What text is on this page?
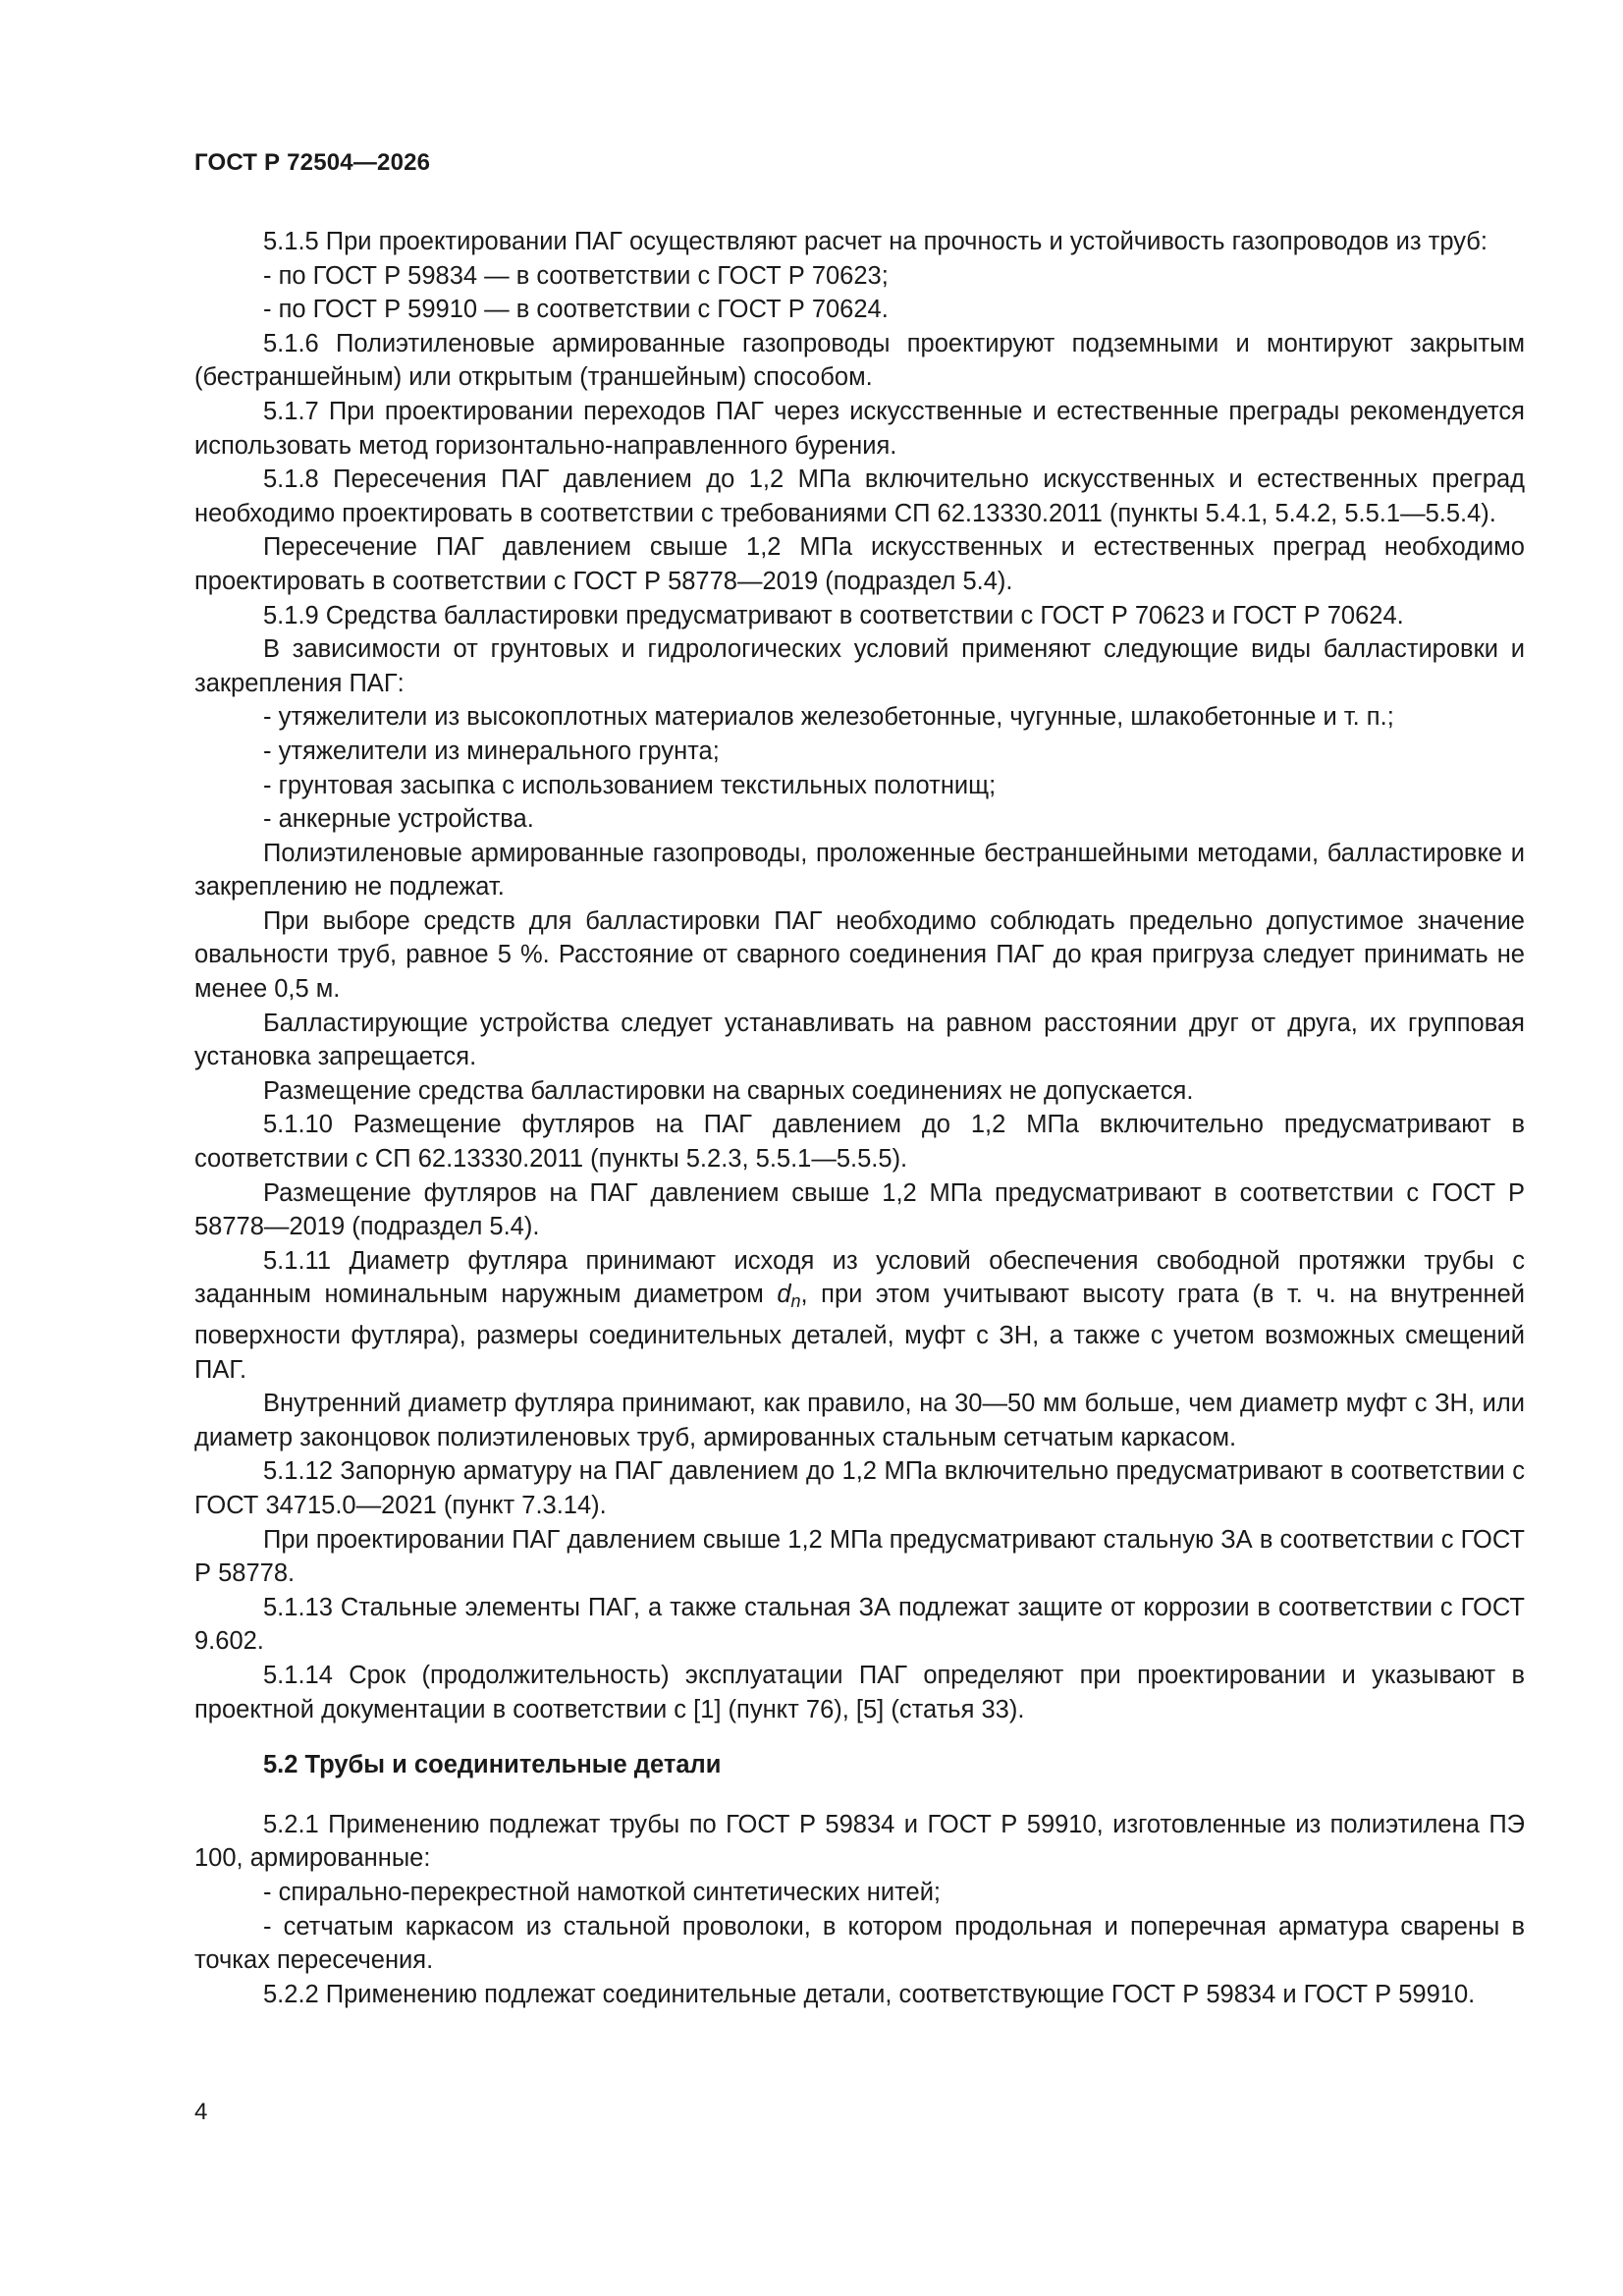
ГОСТ Р 72504—2026

5.1.5 При проектировании ПАГ осуществляют расчет на прочность и устойчивость газопроводов из труб:

- по ГОСТ Р 59834 — в соответствии с ГОСТ Р 70623;

- по ГОСТ Р 59910 — в соответствии с ГОСТ Р 70624.

5.1.6 Полиэтиленовые армированные газопроводы проектируют подземными и монтируют закрытым (бестраншейным) или открытым (траншейным) способом.

5.1.7 При проектировании переходов ПАГ через искусственные и естественные преграды рекомендуется использовать метод горизонтально-направленного бурения.

5.1.8 Пересечения ПАГ давлением до 1,2 МПа включительно искусственных и естественных преград необходимо проектировать в соответствии с требованиями СП 62.13330.2011 (пункты 5.4.1, 5.4.2, 5.5.1—5.5.4).

Пересечение ПАГ давлением свыше 1,2 МПа искусственных и естественных преград необходимо проектировать в соответствии с ГОСТ Р 58778—2019 (подраздел 5.4).

5.1.9 Средства балластировки предусматривают в соответствии с ГОСТ Р 70623 и ГОСТ Р 70624.

В зависимости от грунтовых и гидрологических условий применяют следующие виды балластировки и закрепления ПАГ:

- утяжелители из высокоплотных материалов железобетонные, чугунные, шлакобетонные и т. п.;

- утяжелители из минерального грунта;

- грунтовая засыпка с использованием текстильных полотнищ;

- анкерные устройства.

Полиэтиленовые армированные газопроводы, проложенные бестраншейными методами, балластировке и закреплению не подлежат.

При выборе средств для балластировки ПАГ необходимо соблюдать предельно допустимое значение овальности труб, равное 5 %. Расстояние от сварного соединения ПАГ до края пригруза следует принимать не менее 0,5 м.

Балластирующие устройства следует устанавливать на равном расстоянии друг от друга, их групповая установка запрещается.

Размещение средства балластировки на сварных соединениях не допускается.

5.1.10 Размещение футляров на ПАГ давлением до 1,2 МПа включительно предусматривают в соответствии с СП 62.13330.2011 (пункты 5.2.3, 5.5.1—5.5.5).

Размещение футляров на ПАГ давлением свыше 1,2 МПа предусматривают в соответствии с ГОСТ Р 58778—2019 (подраздел 5.4).

5.1.11 Диаметр футляра принимают исходя из условий обеспечения свободной протяжки трубы с заданным номинальным наружным диаметром $d_n$, при этом учитывают высоту грата (в т. ч. на внутренней поверхности футляра), размеры соединительных деталей, муфт с ЗН, а также с учетом возможных смещений ПАГ.

Внутренний диаметр футляра принимают, как правило, на 30—50 мм больше, чем диаметр муфт с ЗН, или диаметр законцовок полиэтиленовых труб, армированных стальным сетчатым каркасом.

5.1.12 Запорную арматуру на ПАГ давлением до 1,2 МПа включительно предусматривают в соответствии с ГОСТ 34715.0—2021 (пункт 7.3.14).

При проектировании ПАГ давлением свыше 1,2 МПа предусматривают стальную ЗА в соответствии с ГОСТ Р 58778.

5.1.13 Стальные элементы ПАГ, а также стальная ЗА подлежат защите от коррозии в соответствии с ГОСТ 9.602.

5.1.14 Срок (продолжительность) эксплуатации ПАГ определяют при проектировании и указывают в проектной документации в соответствии с [1] (пункт 76), [5] (статья 33).

5.2 Трубы и соединительные детали

5.2.1 Применению подлежат трубы по ГОСТ Р 59834 и ГОСТ Р 59910, изготовленные из полиэтилена ПЭ 100, армированные:

- спирально-перекрестной намоткой синтетических нитей;

- сетчатым каркасом из стальной проволоки, в котором продольная и поперечная арматура сварены в точках пересечения.

5.2.2 Применению подлежат соединительные детали, соответствующие ГОСТ Р 59834 и ГОСТ Р 59910.

4
